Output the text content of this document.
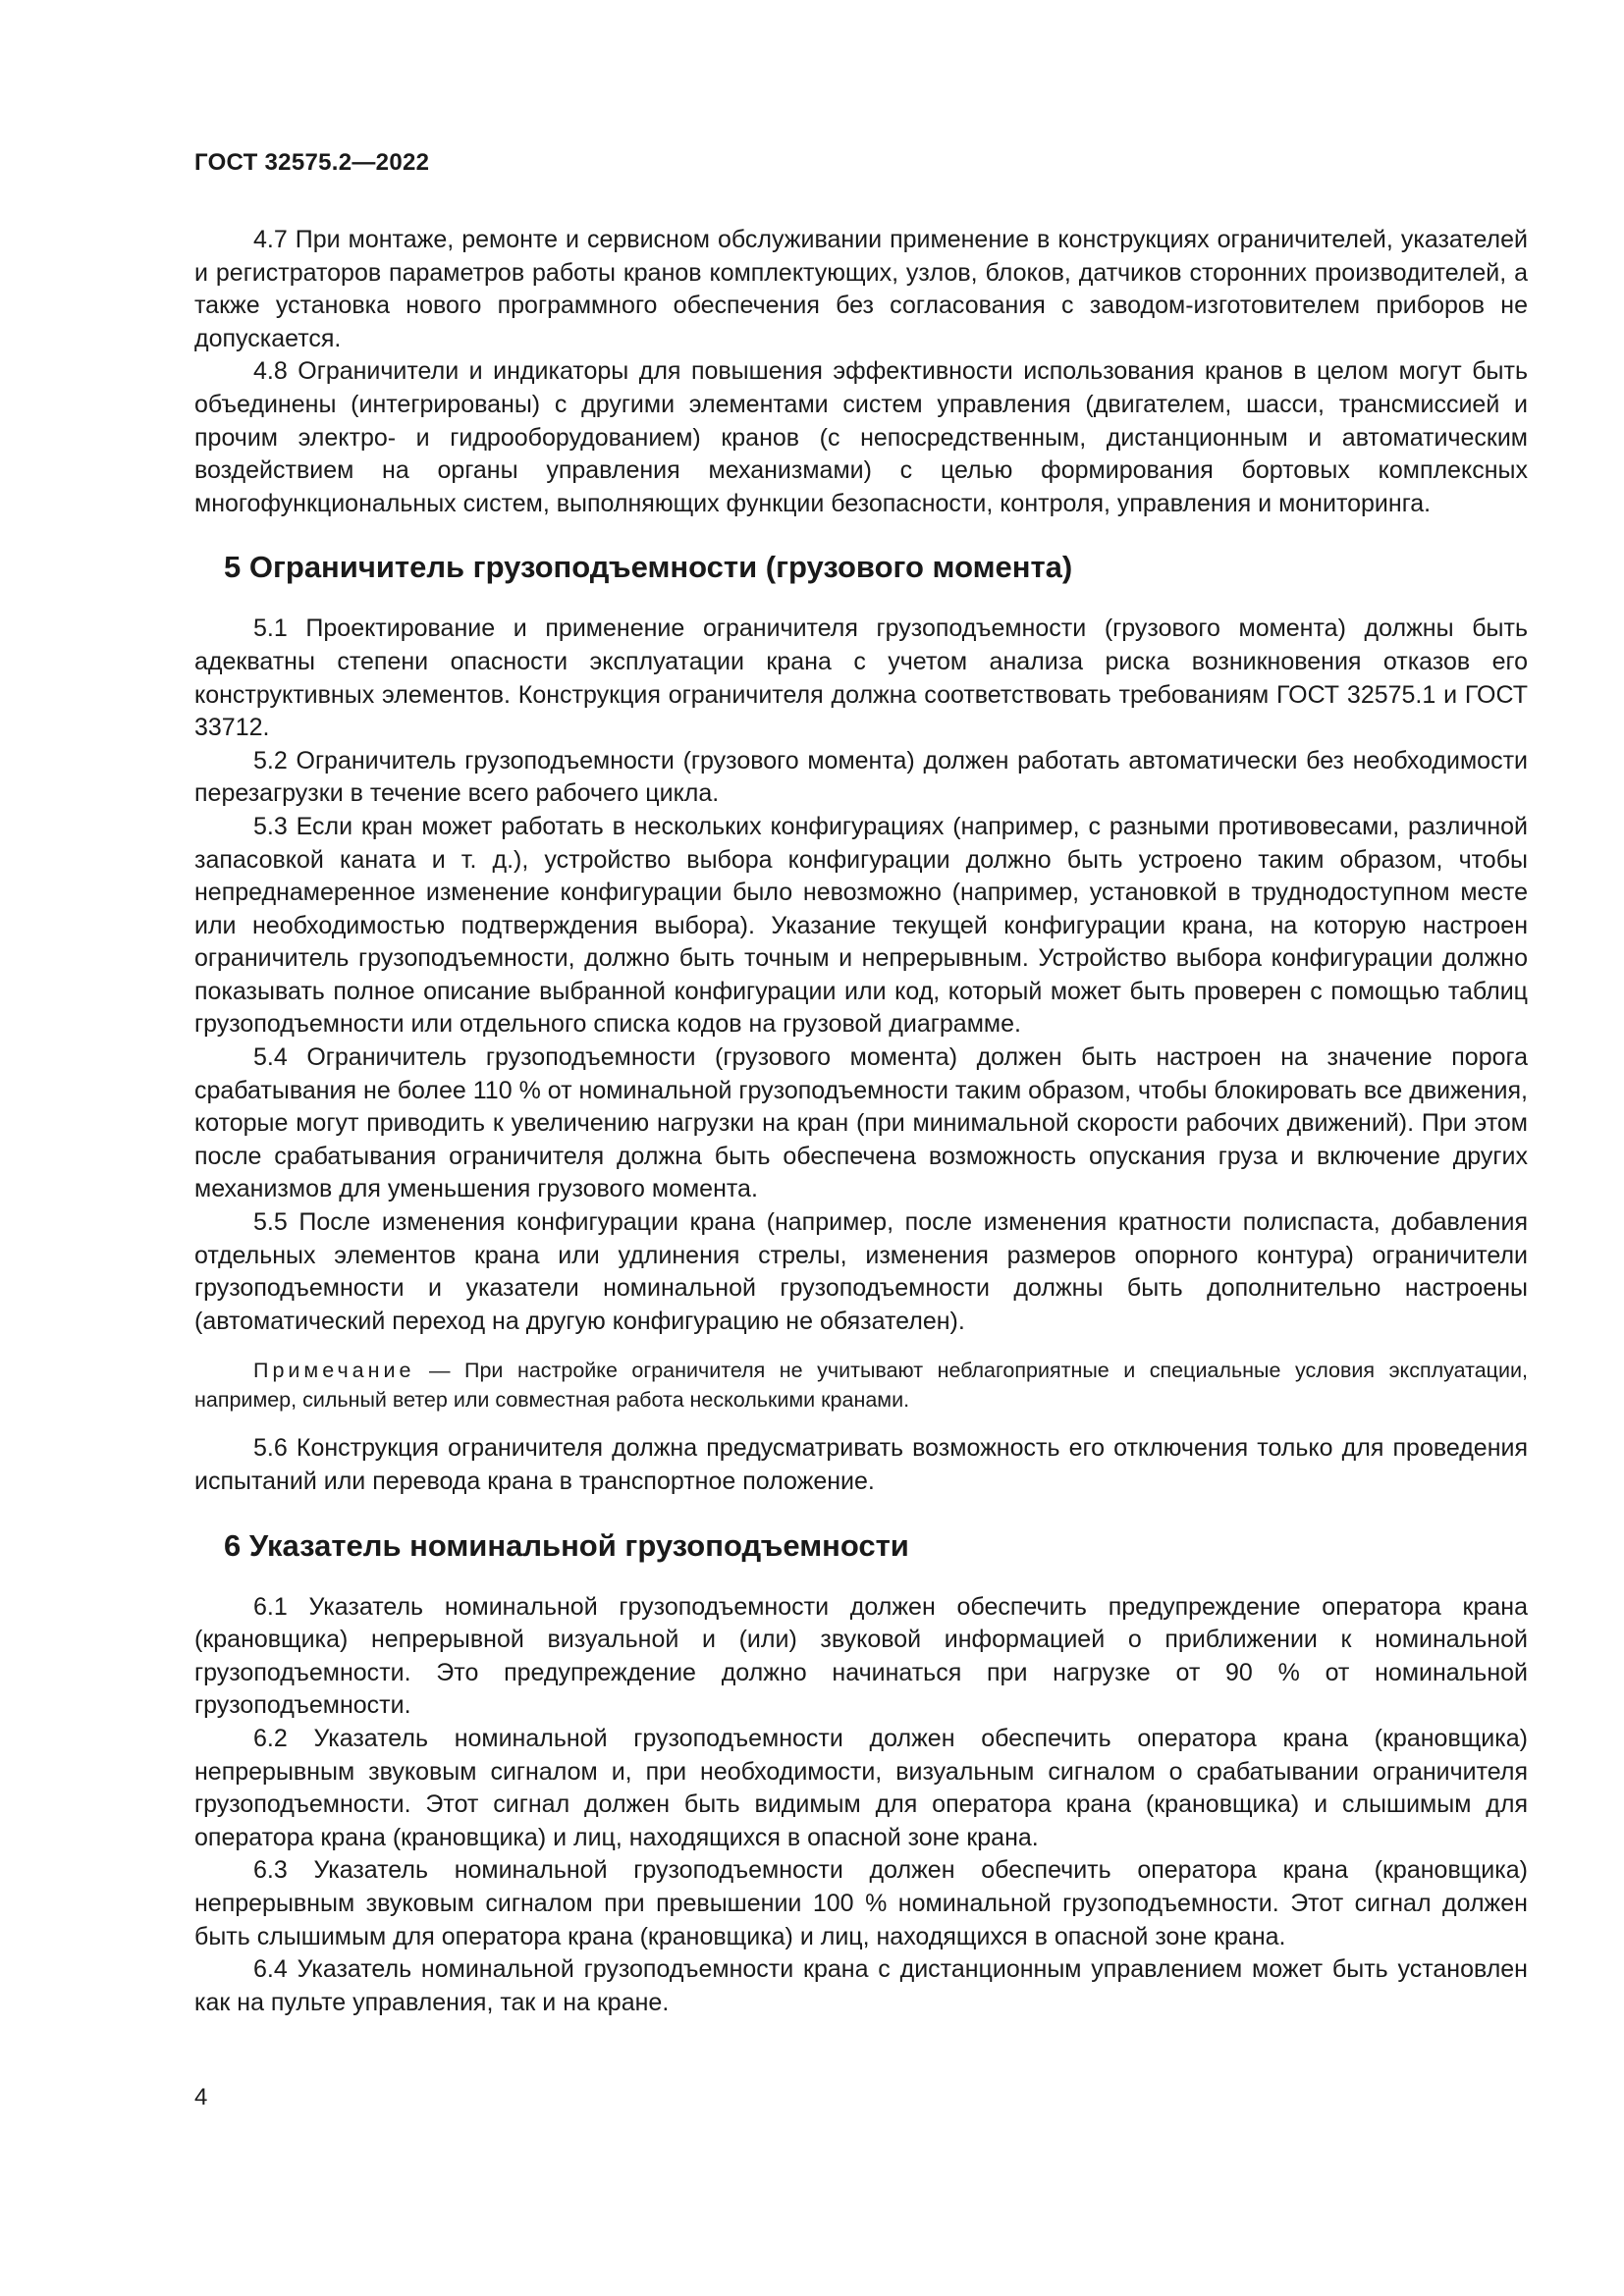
ГОСТ 32575.2—2022

4.7 При монтаже, ремонте и сервисном обслуживании применение в конструкциях ограничителей, указателей и регистраторов параметров работы кранов комплектующих, узлов, блоков, датчиков сторонних производителей, а также установка нового программного обеспечения без согласования с заводом-изготовителем приборов не допускается.

4.8 Ограничители и индикаторы для повышения эффективности использования кранов в целом могут быть объединены (интегрированы) с другими элементами систем управления (двигателем, шасси, трансмиссией и прочим электро- и гидрооборудованием) кранов (с непосредственным, дистанционным и автоматическим воздействием на органы управления механизмами) с целью формирования бортовых комплексных многофункциональных систем, выполняющих функции безопасности, контроля, управления и мониторинга.

5 Ограничитель грузоподъемности (грузового момента)

5.1 Проектирование и применение ограничителя грузоподъемности (грузового момента) должны быть адекватны степени опасности эксплуатации крана с учетом анализа риска возникновения отказов его конструктивных элементов. Конструкция ограничителя должна соответствовать требованиям ГОСТ 32575.1 и ГОСТ 33712.

5.2 Ограничитель грузоподъемности (грузового момента) должен работать автоматически без необходимости перезагрузки в течение всего рабочего цикла.

5.3 Если кран может работать в нескольких конфигурациях (например, с разными противовесами, различной запасовкой каната и т. д.), устройство выбора конфигурации должно быть устроено таким образом, чтобы непреднамеренное изменение конфигурации было невозможно (например, установкой в труднодоступном месте или необходимостью подтверждения выбора). Указание текущей конфигурации крана, на которую настроен ограничитель грузоподъемности, должно быть точным и непрерывным. Устройство выбора конфигурации должно показывать полное описание выбранной конфигурации или код, который может быть проверен с помощью таблиц грузоподъемности или отдельного списка кодов на грузовой диаграмме.

5.4 Ограничитель грузоподъемности (грузового момента) должен быть настроен на значение порога срабатывания не более 110 % от номинальной грузоподъемности таким образом, чтобы блокировать все движения, которые могут приводить к увеличению нагрузки на кран (при минимальной скорости рабочих движений). При этом после срабатывания ограничителя должна быть обеспечена возможность опускания груза и включение других механизмов для уменьшения грузового момента.

5.5 После изменения конфигурации крана (например, после изменения кратности полиспаста, добавления отдельных элементов крана или удлинения стрелы, изменения размеров опорного контура) ограничители грузоподъемности и указатели номинальной грузоподъемности должны быть дополнительно настроены (автоматический переход на другую конфигурацию не обязателен).

Примечание — При настройке ограничителя не учитывают неблагоприятные и специальные условия эксплуатации, например, сильный ветер или совместная работа несколькими кранами.

5.6 Конструкция ограничителя должна предусматривать возможность его отключения только для проведения испытаний или перевода крана в транспортное положение.

6 Указатель номинальной грузоподъемности

6.1 Указатель номинальной грузоподъемности должен обеспечить предупреждение оператора крана (крановщика) непрерывной визуальной и (или) звуковой информацией о приближении к номинальной грузоподъемности. Это предупреждение должно начинаться при нагрузке от 90 % от номинальной грузоподъемности.

6.2 Указатель номинальной грузоподъемности должен обеспечить оператора крана (крановщика) непрерывным звуковым сигналом и, при необходимости, визуальным сигналом о срабатывании ограничителя грузоподъемности. Этот сигнал должен быть видимым для оператора крана (крановщика) и слышимым для оператора крана (крановщика) и лиц, находящихся в опасной зоне крана.

6.3 Указатель номинальной грузоподъемности должен обеспечить оператора крана (крановщика) непрерывным звуковым сигналом при превышении 100 % номинальной грузоподъемности. Этот сигнал должен быть слышимым для оператора крана (крановщика) и лиц, находящихся в опасной зоне крана.

6.4 Указатель номинальной грузоподъемности крана с дистанционным управлением может быть установлен как на пульте управления, так и на кране.

4
